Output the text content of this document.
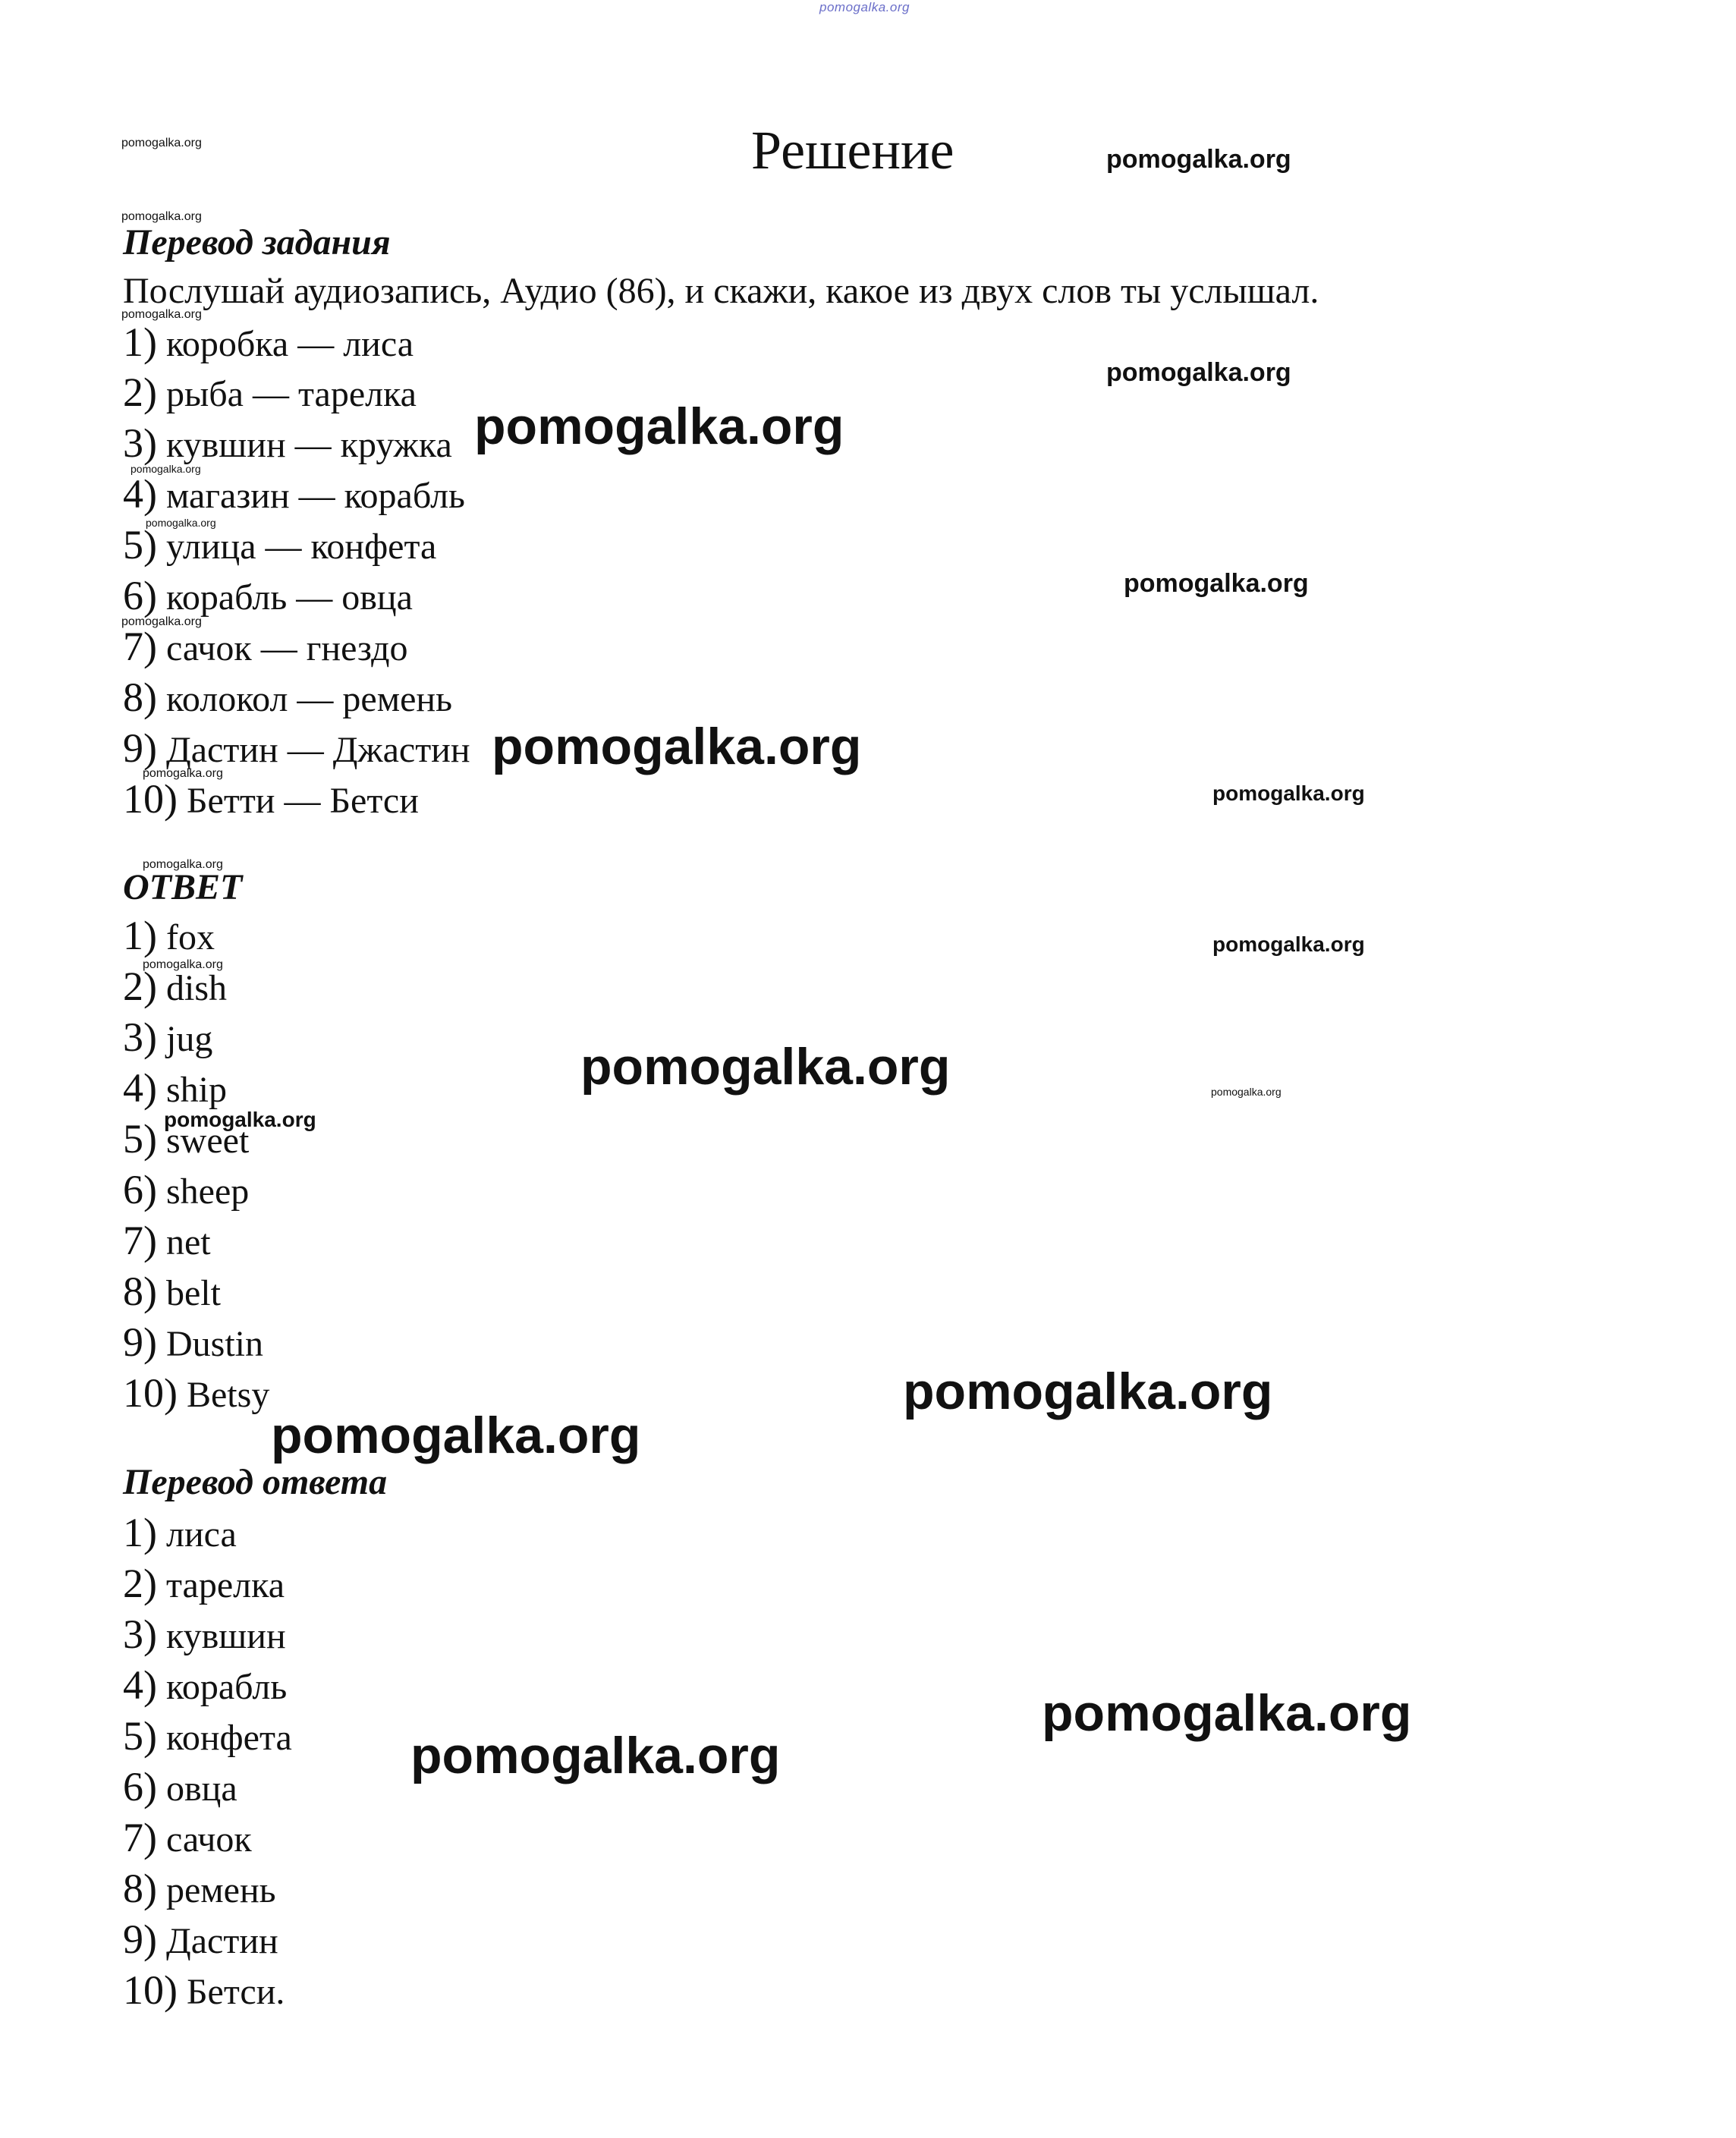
pomogalka.org
Решение
Перевод задания
Послушай аудиозапись, Аудио (86), и скажи, какое из двух слов ты услышал.
1) коробка — лиса
2) рыба — тарелка
3) кувшин — кружка
4) магазин — корабль
5) улица — конфета
6) корабль — овца
7) сачок — гнездо
8) колокол — ремень
9) Дастин — Джастин
10) Бетти — Бетси
ОТВЕТ
1) fox
2) dish
3) jug
4) ship
5) sweet
6) sheep
7) net
8) belt
9) Dustin
10) Betsy
Перевод ответа
1) лиса
2) тарелка
3) кувшин
4) корабль
5) конфета
6) овца
7) сачок
8) ремень
9) Дастин
10) Бетси.
pomogalka.org
pomogalka.org
pomogalka.org
pomogalka.org
pomogalka.org
pomogalka.org
pomogalka.org
pomogalka.org
pomogalka.org
pomogalka.org
pomogalka.org
pomogalka.org
pomogalka.org
pomogalka.org
pomogalka.org
pomogalka.org
pomogalka.org	pomogalka.org
pomogalka.org
pomogalka.org
pomogalka.org
pomogalka.org
pomogalka.org
